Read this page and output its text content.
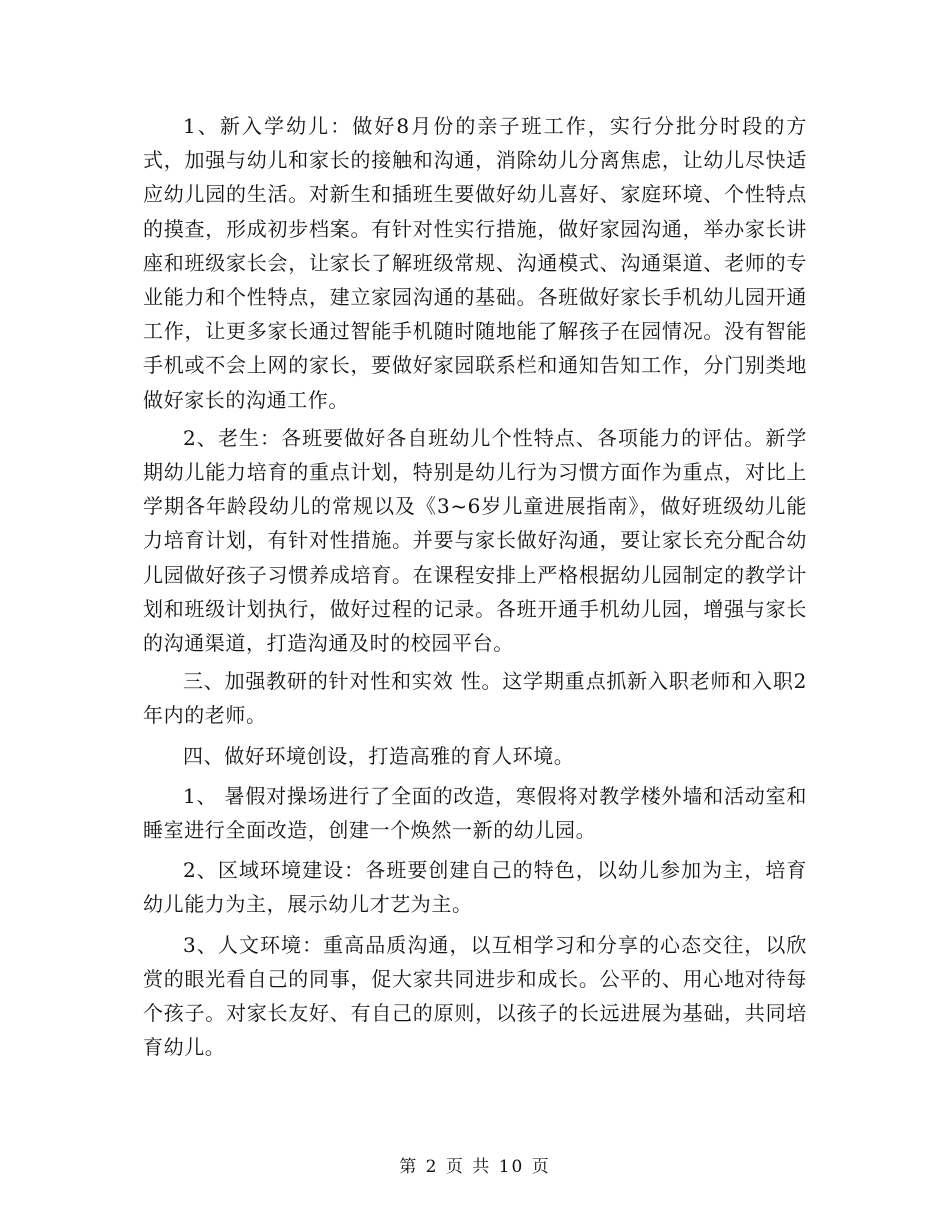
1、新入学幼儿：做好8月份的亲子班工作，实行分批分时段的方式，加强与幼儿和家长的接触和沟通，消除幼儿分离焦虑，让幼儿尽快适应幼儿园的生活。对新生和插班生要做好幼儿喜好、家庭环境、个性特点的摸查，形成初步档案。有针对性实行措施，做好家园沟通，举办家长讲座和班级家长会，让家长了解班级常规、沟通模式、沟通渠道、老师的专业能力和个性特点，建立家园沟通的基础。各班做好家长手机幼儿园开通工作，让更多家长通过智能手机随时随地能了解孩子在园情况。没有智能手机或不会上网的家长，要做好家园联系栏和通知告知工作，分门别类地做好家长的沟通工作。

2、老生：各班要做好各自班幼儿个性特点、各项能力的评估。新学期幼儿能力培育的重点计划，特别是幼儿行为习惯方面作为重点，对比上学期各年龄段幼儿的常规以及《3~6岁儿童进展指南》，做好班级幼儿能力培育计划，有针对性措施。并要与家长做好沟通，要让家长充分配合幼儿园做好孩子习惯养成培育。在课程安排上严格根据幼儿园制定的教学计划和班级计划执行，做好过程的记录。各班开通手机幼儿园，增强与家长的沟通渠道，打造沟通及时的校园平台。

三、加强教研的针对性和实效 性。这学期重点抓新入职老师和入职2年内的老师。

四、做好环境创设，打造高雅的育人环境。

1、 暑假对操场进行了全面的改造，寒假将对教学楼外墙和活动室和睡室进行全面改造，创建一个焕然一新的幼儿园。

2、区域环境建设：各班要创建自己的特色，以幼儿参加为主，培育幼儿能力为主，展示幼儿才艺为主。

3、人文环境：重高品质沟通，以互相学习和分享的心态交往，以欣赏的眼光看自己的同事，促大家共同进步和成长。公平的、用心地对待每个孩子。对家长友好、有自己的原则，以孩子的长远进展为基础，共同培育幼儿。

第 2 页 共 10 页
